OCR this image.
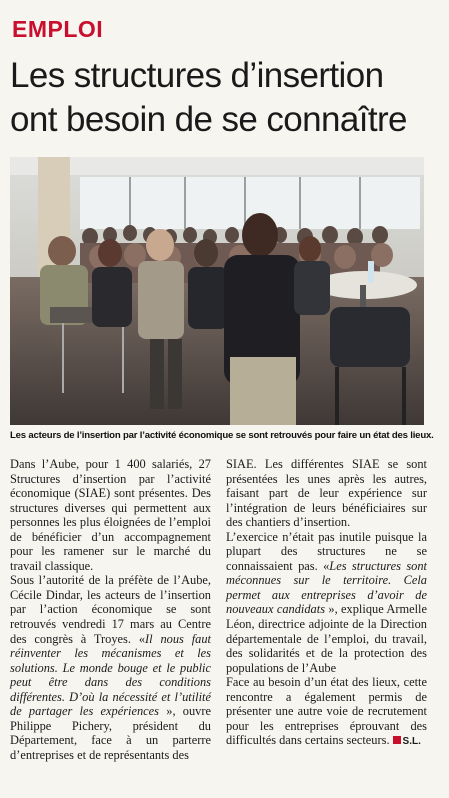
EMPLOI
Les structures d’insertion
ont besoin de se connaître

Les acteurs de l’insertion par l’activité économique se sont retrouvés pour faire un état des lieux.

Dans l’Aube, pour 1 400 salariés, 27 Structures d’insertion par l’activité économique (SIAE) sont présentes. Des structures diverses qui permettent aux personnes les plus éloignées de l’emploi de bénéficier d’un accompagnement pour les ramener sur le marché du travail classique.

Sous l’autorité de la préfète de l’Aube, Cécile Dindar, les acteurs de l’insertion par l’action économique se sont retrouvés vendredi 17 mars au Centre des congrès à Troyes. «Il nous faut réinventer les mécanismes et les solutions. Le monde bouge et le public peut être dans des conditions différentes. D’où la nécessité et l’utilité de partager les expériences », ouvre Philippe Pichery, président du Département, face à un parterre d’entreprises et de représentants des

SIAE. Les différentes SIAE se sont présentées les unes après les autres, faisant part de leur expérience sur l’intégration de leurs bénéficiaires sur des chantiers d’insertion.

L’exercice n’était pas inutile puisque la plupart des structures ne se connaissaient pas. «Les structures sont méconnues sur le territoire. Cela permet aux entreprises d’avoir de nouveaux candidats », explique Armelle Léon, directrice adjointe de la Direction départementale de l’emploi, du travail, des solidarités et de la protection des populations de l’Aube

Face au besoin d’un état des lieux, cette rencontre a également permis de présenter une autre voie de recrutement pour les entreprises éprouvant des difficultés dans certains secteurs. S.L.
